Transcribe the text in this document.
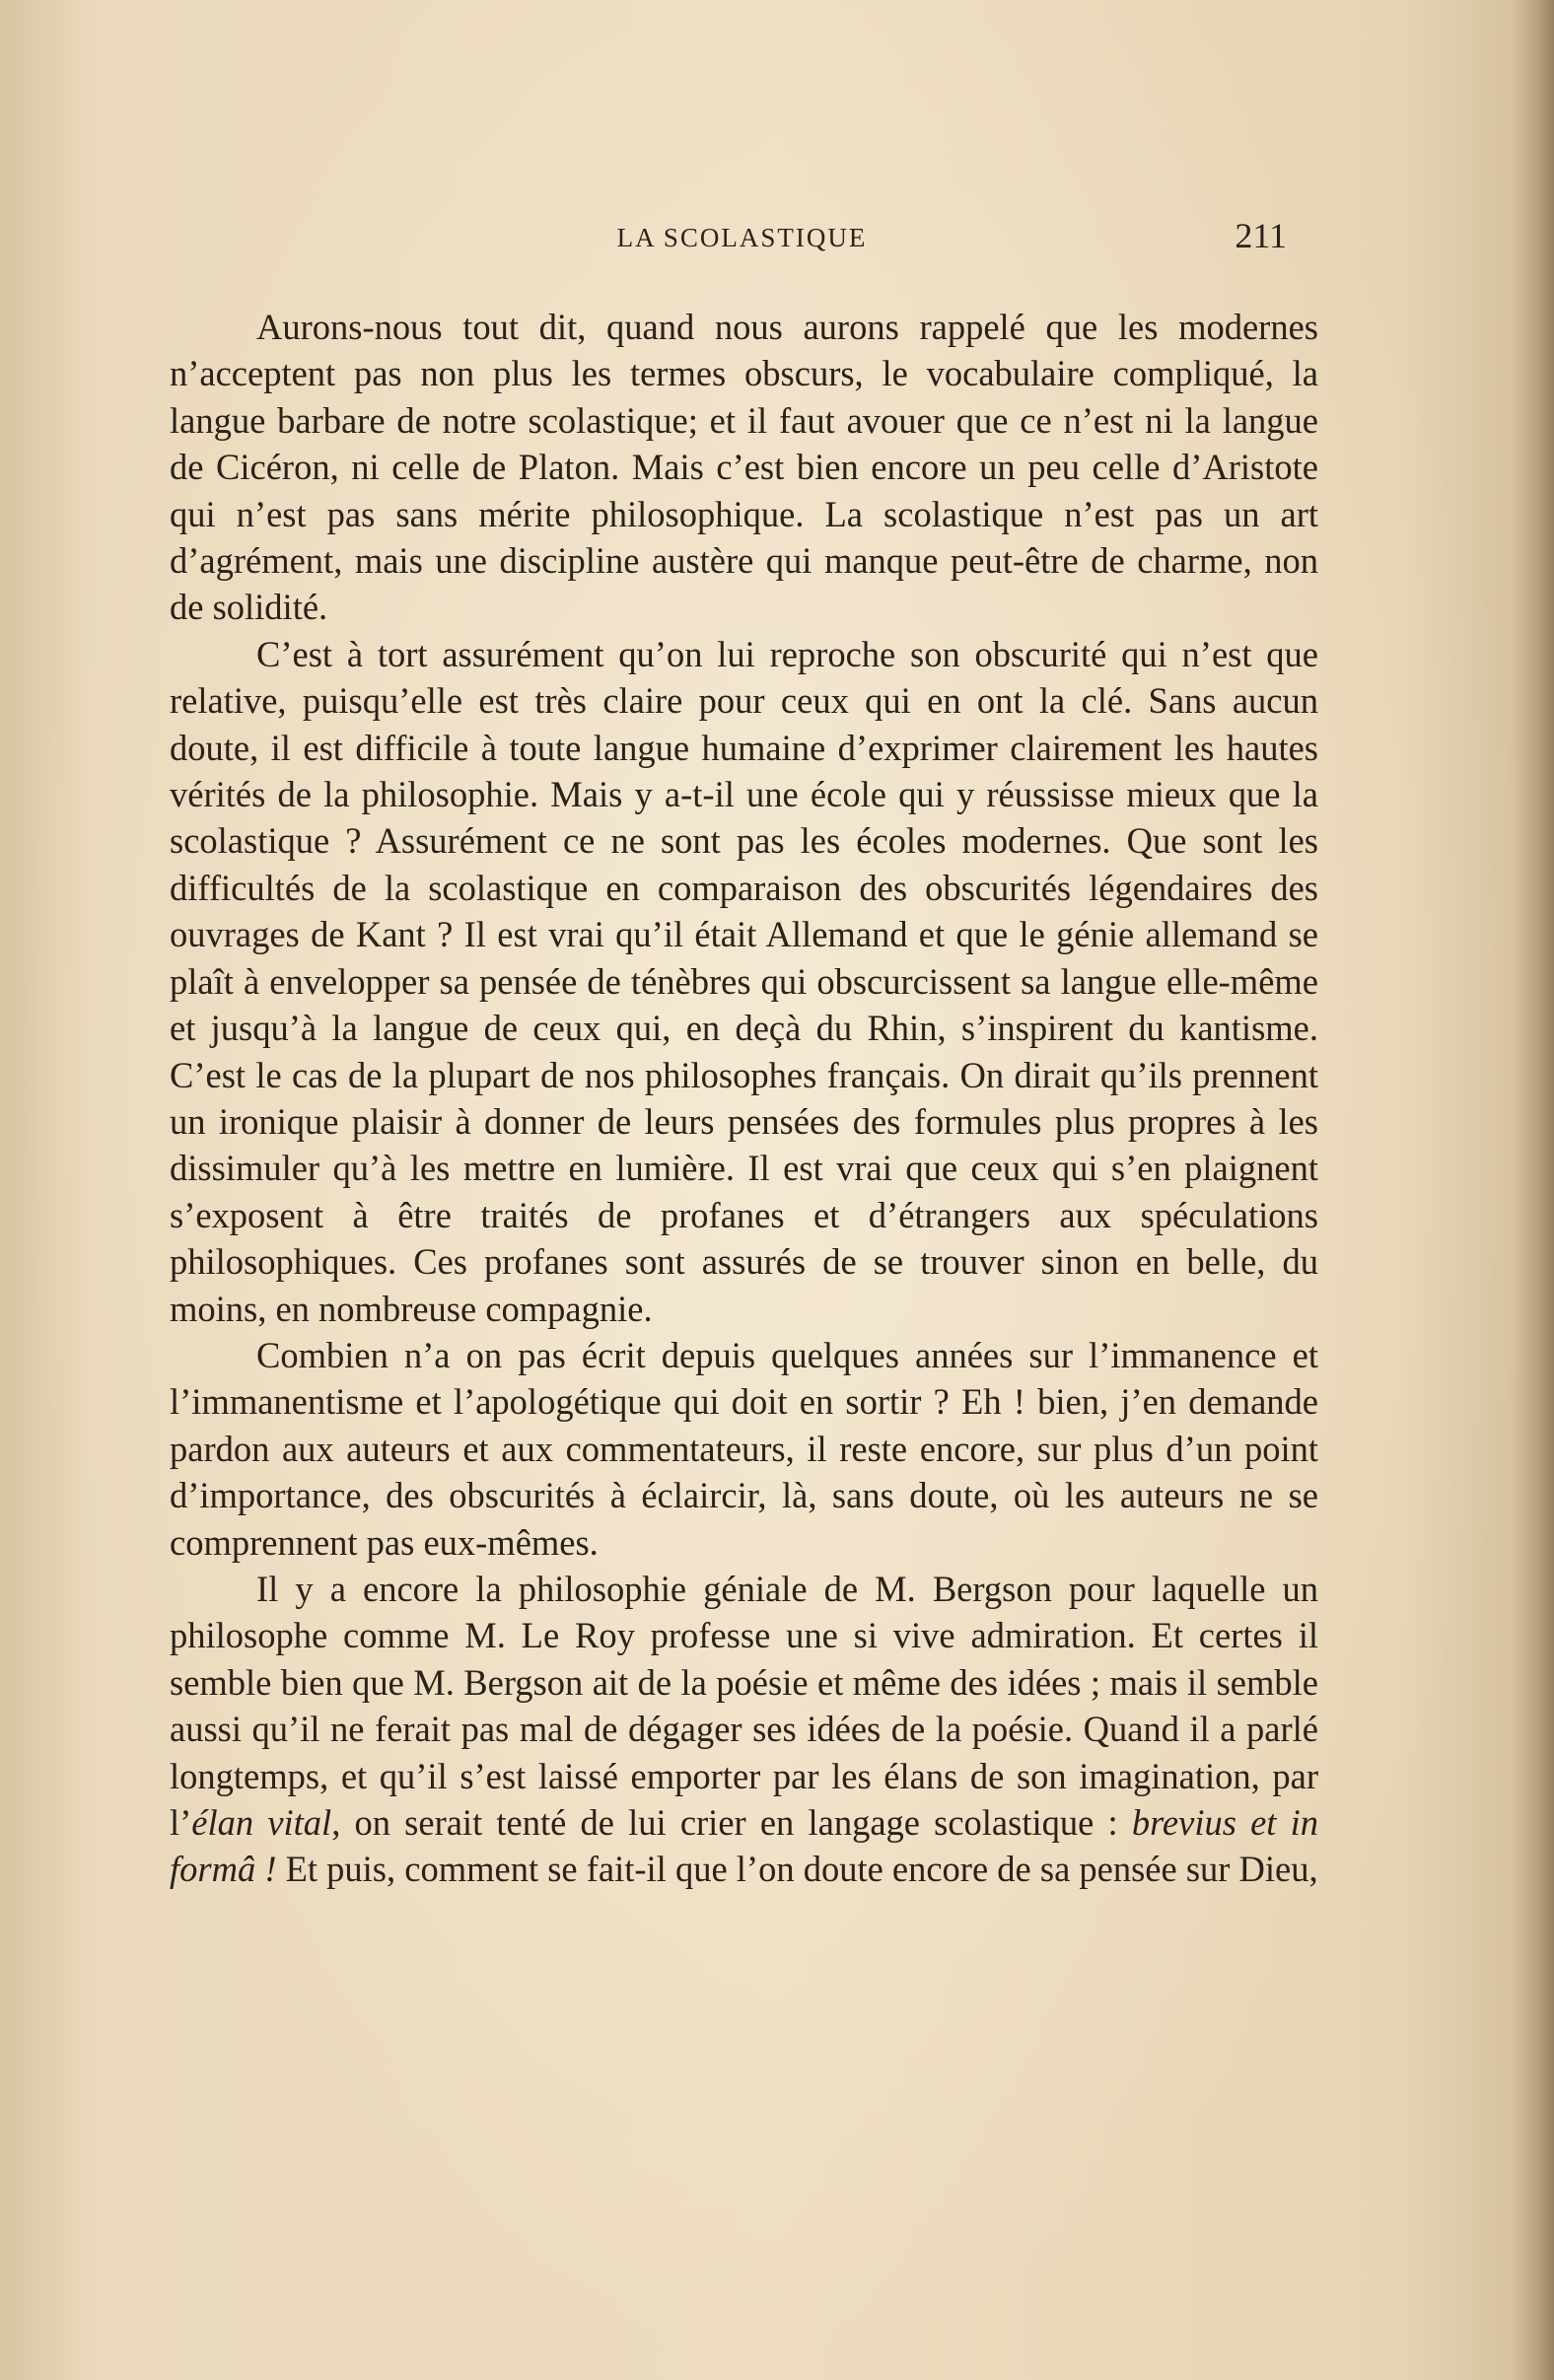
LA SCOLASTIQUE	211

Aurons-nous tout dit, quand nous aurons rappelé que les modernes n’acceptent pas non plus les termes obscurs, le vocabulaire compliqué, la langue barbare de notre scolastique; et il faut avouer que ce n’est ni la langue de Cicéron, ni celle de Platon. Mais c’est bien encore un peu celle d’Aristote qui n’est pas sans mérite philosophique. La scolastique n’est pas un art d’agrément, mais une discipline austère qui manque peut-être de charme, non de solidité.

C’est à tort assurément qu’on lui reproche son obscurité qui n’est que relative, puisqu’elle est très claire pour ceux qui en ont la clé. Sans aucun doute, il est difficile à toute langue humaine d’exprimer clairement les hautes vérités de la philosophie. Mais y a-t-il une école qui y réussisse mieux que la scolastique ? Assurément ce ne sont pas les écoles modernes. Que sont les difficultés de la scolastique en comparaison des obscurités légendaires des ouvrages de Kant ? Il est vrai qu’il était Allemand et que le génie allemand se plaît à envelopper sa pensée de ténèbres qui obscurcissent sa langue elle-même et jusqu’à la langue de ceux qui, en deçà du Rhin, s’inspirent du kantisme. C’est le cas de la plupart de nos philosophes français. On dirait qu’ils prennent un ironique plaisir à donner de leurs pensées des formules plus propres à les dissimuler qu’à les mettre en lumière. Il est vrai que ceux qui s’en plaignent s’exposent à être traités de profanes et d’étrangers aux spéculations philosophiques. Ces profanes sont assurés de se trouver sinon en belle, du moins, en nombreuse compagnie.

Combien n’a on pas écrit depuis quelques années sur l’immanence et l’immanentisme et l’apologétique qui doit en sortir ? Eh ! bien, j’en demande pardon aux auteurs et aux commentateurs, il reste encore, sur plus d’un point d’importance, des obscurités à éclaircir, là, sans doute, où les auteurs ne se comprennent pas eux-mêmes.

Il y a encore la philosophie géniale de M. Bergson pour laquelle un philosophe comme M. Le Roy professe une si vive admiration. Et certes il semble bien que M. Bergson ait de la poésie et même des idées ; mais il semble aussi qu’il ne ferait pas mal de dégager ses idées de la poésie. Quand il a parlé longtemps, et qu’il s’est laissé emporter par les élans de son imagination, par l’élan vital, on serait tenté de lui crier en langage scolastique : brevius et in formâ ! Et puis, comment se fait-il que l’on doute encore de sa pensée sur Dieu,
